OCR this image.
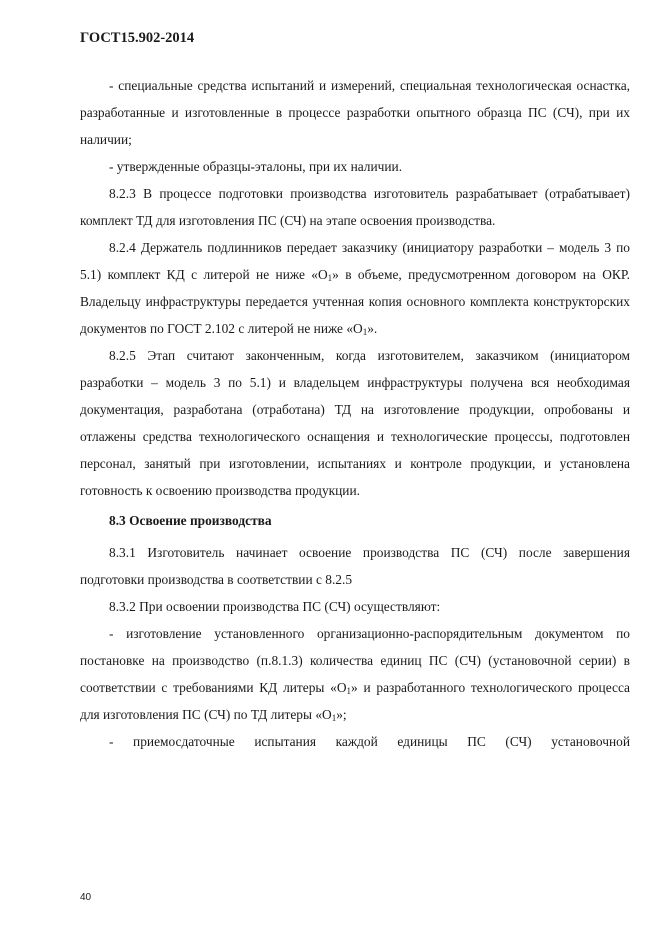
ГОСТ15.902-2014

- специальные средства испытаний и измерений, специальная технологическая оснастка, разработанные и изготовленные в процессе разработки опытного образца ПС (СЧ), при их наличии;

- утвержденные образцы-эталоны, при их наличии.

8.2.3 В процессе подготовки производства изготовитель разрабатывает (отрабатывает) комплект ТД для изготовления ПС (СЧ) на этапе освоения производства.

8.2.4 Держатель подлинников передает заказчику (инициатору разработки – модель 3 по 5.1) комплект КД с литерой не ниже «$О_1$» в объеме, предусмотренном договором на ОКР. Владельцу инфраструктуры передается учтенная копия основного комплекта конструкторских документов по ГОСТ 2.102 с литерой не ниже «$О_1$».

8.2.5 Этап считают законченным, когда изготовителем, заказчиком (инициатором разработки – модель 3 по 5.1) и владельцем инфраструктуры получена вся необходимая документация, разработана (отработана) ТД на изготовление продукции, опробованы и отлажены средства технологического оснащения и технологические процессы, подготовлен персонал, занятый при изготовлении, испытаниях и контроле продукции, и установлена готовность к освоению производства продукции.

8.3 Освоение производства

8.3.1 Изготовитель начинает освоение производства ПС (СЧ) после завершения подготовки производства в соответствии с 8.2.5

8.3.2 При освоении производства ПС (СЧ) осуществляют:

- изготовление установленного организационно-распорядительным документом по постановке на производство (п.8.1.3) количества единиц ПС (СЧ) (установочной серии) в соответствии с требованиями КД литеры «$О_1$» и разработанного технологического процесса для изготовления ПС (СЧ) по ТД литеры «$О_1$»;

- приемосдаточные испытания каждой единицы ПС (СЧ) установочной

40
